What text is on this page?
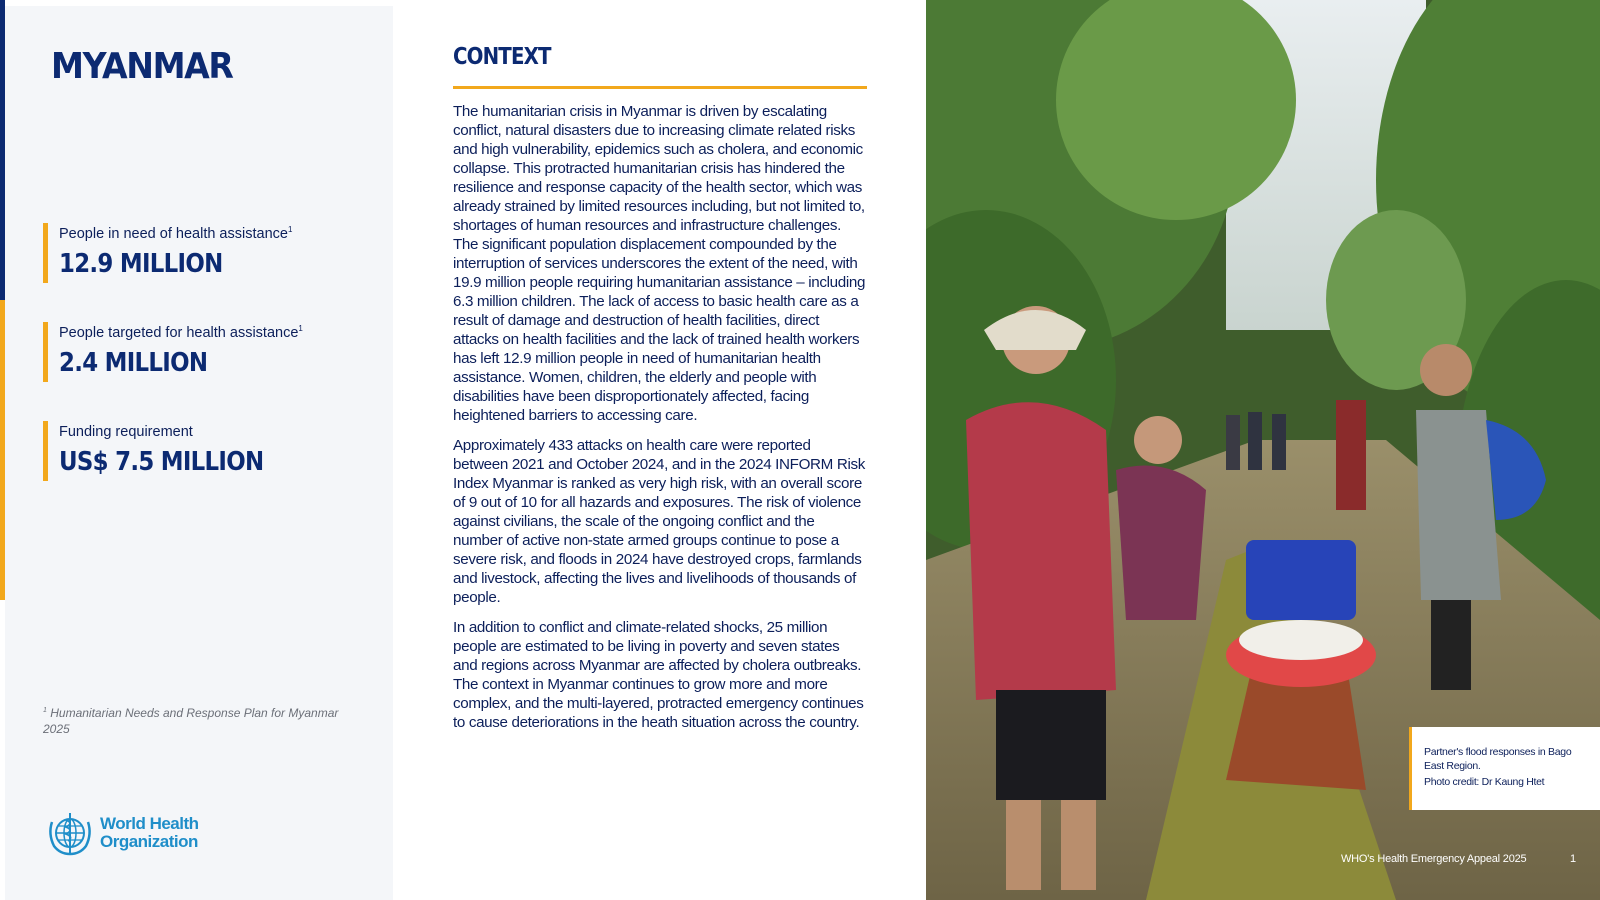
MYANMAR
People in need of health assistance$^1$
12.9 MILLION
People targeted for health assistance$^1$
2.4 MILLION
Funding requirement
US$ 7.5 MILLION
$^1$ Humanitarian Needs and Response Plan for Myanmar 2025
World Health
Organization
CONTEXT

The humanitarian crisis in Myanmar is driven by escalating conflict, natural disasters due to increasing climate related risks and high vulnerability, epidemics such as cholera, and economic collapse. This protracted humanitarian crisis has hindered the resilience and response capacity of the health sector, which was already strained by limited resources including, but not limited to, shortages of human resources and infrastructure challenges. The significant population displacement compounded by the interruption of services underscores the extent of the need, with 19.9 million people requiring humanitarian assistance – including 6.3 million children. The lack of access to basic health care as a result of damage and destruction of health facilities, direct attacks on health facilities and the lack of trained health workers has left 12.9 million people in need of humanitarian health assistance. Women, children, the elderly and people with disabilities have been disproportionately affected, facing heightened barriers to accessing care.

Approximately 433 attacks on health care were reported between 2021 and October 2024, and in the 2024 INFORM Risk Index Myanmar is ranked as very high risk, with an overall score of 9 out of 10 for all hazards and exposures. The risk of violence against civilians, the scale of the ongoing conflict and the number of active non-state armed groups continue to pose a severe risk, and floods in 2024 have destroyed crops, farmlands and livestock, affecting the lives and livelihoods of thousands of people.

In addition to conflict and climate-related shocks, 25 million people are estimated to be living in poverty and seven states and regions across Myanmar are affected by cholera outbreaks. The context in Myanmar continues to grow more and more complex, and the multi-layered, protracted emergency continues to cause deteriorations in the heath situation across the country.

Partner's flood responses in Bago East Region.
Photo credit: Dr Kaung Htet
WHO's Health Emergency Appeal 2025	1
